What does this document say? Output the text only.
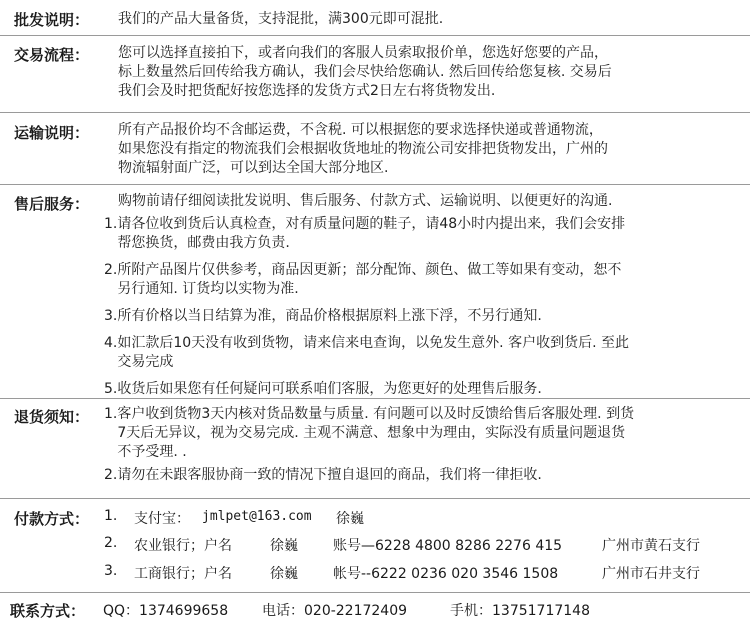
批发说明： 我们的产品大量备货，支持混批，满300元即可混批.
交易流程： 您可以选择直接拍下，或者向我们的客服人员索取报价单，您选好您要的产品，
标上数量然后回传给我方确认，我们会尽快给您确认. 然后回传给您复核. 交易后
我们会及时把货配好按您选择的发货方式2日左右将货物发出.
运输说明： 所有产品报价均不含邮运费，不含税. 可以根据您的要求选择快递或普通物流，
如果您没有指定的物流我们会根据收货地址的物流公司安排把货物发出，广州的
物流辐射面广泛，可以到达全国大部分地区.
售后服务： 购物前请仔细阅读批发说明、售后服务、付款方式、运输说明、以便更好的沟通.
1. 请各位收到货后认真检查，对有质量问题的鞋子，请48小时内提出来，我们会安排
帮您换货，邮费由我方负责.
2. 所附产品图片仅供参考，商品因更新；部分配饰、颜色、做工等如果有变动，恕不
另行通知. 订货均以实物为准.
3. 所有价格以当日结算为准，商品价格根据原料上涨下浮，不另行通知.
4. 如汇款后10天没有收到货物，请来信来电查询，以免发生意外. 客户收到货后. 至此
交易完成
5. 收货后如果您有任何疑问可联系咱们客服，为您更好的处理售后服务.
退货须知： 1. 客户收到货物3天内核对货品数量与质量. 有问题可以及时反馈给售后客服处理. 到货
7天后无异议，视为交易完成. 主观不满意、想象中为理由，实际没有质量问题退货
不予受理. .
2. 请勿在未跟客服协商一致的情况下擅自退回的商品，我们将一律拒收.
付款方式： 1. 支付宝： jmlpet@163.com 徐巍
2. 农业银行；户名	徐巍	账号—6228 4800 8286 2276 415	广州市黄石支行
3. 工商银行；户名	徐巍	帐号--6222 0236 020 3546 1508	广州市石井支行
联系方式： QQ：1374699658 电话：020-22172409	手机：13751717148
